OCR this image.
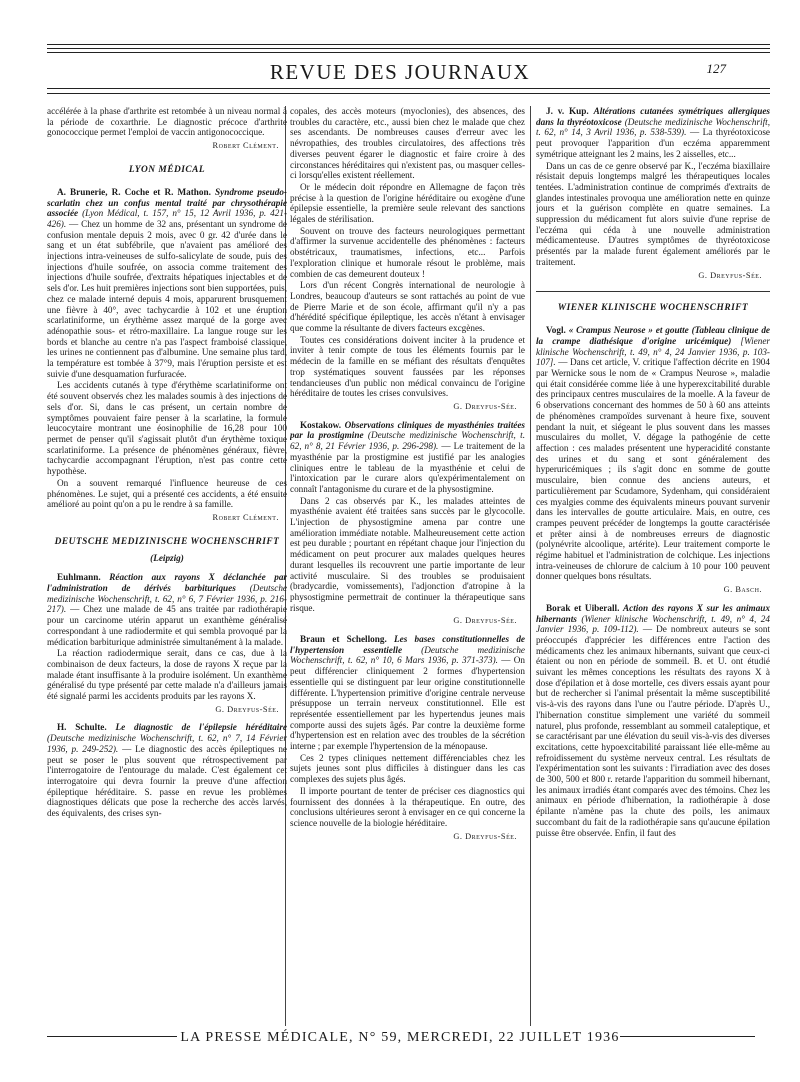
REVUE DES JOURNAUX	127

accélérée à la phase d'arthrite est retombée à un niveau normal à la période de coxarthrie. Le diagnostic précoce d'arthrite gonococcique permet l'emploi de vaccin antigonococcique.

Robert Clément.
LYON MÉDICAL

A. Brunerie, R. Coche et R. Mathon. Syndrome pseudo-scarlatin chez un confus mental traité par chrysothérapie associée (Lyon Médical, t. 157, n° 15, 12 Avril 1936, p. 421-426). — Chez un homme de 32 ans, présentant un syndrome de confusion mentale depuis 2 mois, avec 0 gr. 42 d'urée dans le sang et un état subfébrile, que n'avaient pas amélioré des injections intra-veineuses de sulfo-salicylate de soude, puis des injections d'huile soufrée, on associa comme traitement des injections d'huile soufrée, d'extraits hépatiques injectables et de sels d'or. Les huit premières injections sont bien supportées, puis, chez ce malade interné depuis 4 mois, apparurent brusquement une fièvre à 40°, avec tachycardie à 102 et une éruption scarlatiniforme, un érythème assez marqué de la gorge avec adénopathie sous- et rétro-maxillaire. La langue rouge sur les bords et blanche au centre n'a pas l'aspect framboisé classique, les urines ne contiennent pas d'albumine. Une semaine plus tard, la température est tombée à 37°9, mais l'éruption persiste et est suivie d'une desquamation furfuracée.

Les accidents cutanés à type d'érythème scarlatiniforme ont été souvent observés chez les malades soumis à des injections de sels d'or. Si, dans le cas présent, un certain nombre de symptômes pouvaient faire penser à la scarlatine, la formule leucocytaire montrant une éosinophilie de 16,28 pour 100 permet de penser qu'il s'agissait plutôt d'un érythème toxique scarlatiniforme. La présence de phénomènes généraux, fièvre, tachycardie accompagnant l'éruption, n'est pas contre cette hypothèse.

On a souvent remarqué l'influence heureuse de ces phénomènes. Le sujet, qui a présenté ces accidents, a été ensuite amélioré au point qu'on a pu le rendre à sa famille.

Robert Clément.
DEUTSCHE MEDIZINISCHE WOCHENSCHRIFT
(Leipzig)

Euhlmann. Réaction aux rayons X déclanchée par l'administration de dérivés barbituriques (Deutsche medizinische Wochenschrift, t. 62, n° 6, 7 Février 1936, p. 216-217). — Chez une malade de 45 ans traitée par radiothérapie pour un carcinome utérin apparut un exanthème généralisé correspondant à une radiodermite et qui sembla provoqué par la médication barbiturique administrée simultanément à la malade.

La réaction radiodermique serait, dans ce cas, due à la combinaison de deux facteurs, la dose de rayons X reçue par la malade étant insuffisante à la produire isolément. Un exanthème généralisé du type présenté par cette malade n'a d'ailleurs jamais été signalé parmi les accidents produits par les rayons X.

G. Dreyfus-Sée.

H. Schulte. Le diagnostic de l'épilepsie héréditaire (Deutsche medizinische Wochenschrift, t. 62, n° 7, 14 Février 1936, p. 249-252). — Le diagnostic des accès épileptiques ne peut se poser le plus souvent que rétrospectivement par l'interrogatoire de l'entourage du malade. C'est également cet interrogatoire qui devra fournir la preuve d'une affection épileptique héréditaire. S. passe en revue les problèmes diagnostiques délicats que pose la recherche des accès larvés, des équivalents, des crises syn-

copales, des accès moteurs (myoclonies), des absences, des troubles du caractère, etc., aussi bien chez le malade que chez ses ascendants. De nombreuses causes d'erreur avec les névropathies, des troubles circulatoires, des affections très diverses peuvent égarer le diagnostic et faire croire à des circonstances héréditaires qui n'existent pas, ou masquer celles-ci lorsqu'elles existent réellement.

Or le médecin doit répondre en Allemagne de façon très précise à la question de l'origine héréditaire ou exogène d'une épilepsie essentielle, la première seule relevant des sanctions légales de stérilisation.

Souvent on trouve des facteurs neurologiques permettant d'affirmer la survenue accidentelle des phénomènes : facteurs obstétricaux, traumatismes, infections, etc... Parfois l'exploration clinique et humorale résout le problème, mais combien de cas demeurent douteux !

Lors d'un récent Congrès international de neurologie à Londres, beaucoup d'auteurs se sont rattachés au point de vue de Pierre Marie et de son école, affirmant qu'il n'y a pas d'hérédité spécifique épileptique, les accès n'étant à envisager que comme la résultante de divers facteurs excgènes.

Toutes ces considérations doivent inciter à la prudence et inviter à tenir compte de tous les éléments fournis par le médecin de la famille en se méfiant des résultats d'enquêtes trop systématiques souvent faussées par les réponses tendancieuses d'un public non médical convaincu de l'origine héréditaire de toutes les crises convulsives.

G. Dreyfus-Sée.

Kostakow. Observations cliniques de myasthénies traitées par la prostigmine (Deutsche medizinische Wochenschrift, t. 62, n° 8, 21 Février 1936, p. 296-298). — Le traitement de la myasthénie par la prostigmine est justifié par les analogies cliniques entre le tableau de la myasthénie et celui de l'intoxication par le curare alors qu'expérimentalement on connaît l'antagonisme du curare et de la physostigmine.

Dans 2 cas observés par K., les malades atteintes de myasthénie avaient été traitées sans succès par le glycocolle. L'injection de physostigmine amena par contre une amélioration immédiate notable. Malheureusement cette action est peu durable ; pourtant en répétant chaque jour l'injection du médicament on peut procurer aux malades quelques heures durant lesquelles ils recouvrent une partie importante de leur activité musculaire. Si des troubles se produisaient (bradycardie, vomissements), l'adjonction d'atropine à la physostigmine permettrait de continuer la thérapeutique sans risque.

G. Dreyfus-Sée.

Braun et Schellong. Les bases constitutionnelles de l'hypertension essentielle (Deutsche medizinische Wochenschrift, t. 62, n° 10, 6 Mars 1936, p. 371-373). — On peut différencier cliniquement 2 formes d'hypertension essentielle qui se distinguent par leur origine constitutionnelle différente. L'hypertension primitive d'origine centrale nerveuse présuppose un terrain nerveux constitutionnel. Elle est représentée essentiellement par les hypertendus jeunes mais comporte aussi des sujets âgés. Par contre la deuxième forme d'hypertension est en relation avec des troubles de la sécrétion interne ; par exemple l'hypertension de la ménopause.

Ces 2 types cliniques nettement différenciables chez les sujets jeunes sont plus difficiles à distinguer dans les cas complexes des sujets plus âgés.

Il importe pourtant de tenter de préciser ces diagnostics qui fournissent des données à la thérapeutique. En outre, des conclusions ultérieures seront à envisager en ce qui concerne la science nouvelle de la biologie héréditaire.

G. Dreyfus-Sée.

J. v. Kup. Altérations cutanées symétriques allergiques dans la thyréotoxicose (Deutsche medizinische Wochenschrift, t. 62, n° 14, 3 Avril 1936, p. 538-539). — La thyréotoxicose peut provoquer l'apparition d'un eczéma apparemment symétrique atteignant les 2 mains, les 2 aisselles, etc...

Dans un cas de ce genre observé par K., l'eczéma biaxillaire résistait depuis longtemps malgré les thérapeutiques locales tentées. L'administration continue de comprimés d'extraits de glandes intestinales provoqua une amélioration nette en quinze jours et la guérison complète en quatre semaines. La suppression du médicament fut alors suivie d'une reprise de l'eczéma qui céda à une nouvelle administration médicamenteuse. D'autres symptômes de thyréotoxicose présentés par la malade furent également améliorés par le traitement.

G. Dreyfus-Sée.
WIENER KLINISCHE WOCHENSCHRIFT

Vogl. « Crampus Neurose » et goutte (Tableau clinique de la crampe diathésique d'origine uricémique) [Wiener klinische Wochenschrift, t. 49, n° 4, 24 Janvier 1936, p. 103-107]. — Dans cet article, V. critique l'affection décrite en 1904 par Wernicke sous le nom de « Crampus Neurose », maladie qui était considérée comme liée à une hyperexcitabilité durable des principaux centres musculaires de la moelle. A la faveur de 6 observations concernant des hommes de 50 à 60 ans atteints de phénomènes crampoïdes survenant à heure fixe, souvent pendant la nuit, et siégeant le plus souvent dans les masses musculaires du mollet, V. dégage la pathogénie de cette affection : ces malades présentent une hyperacidité constante des urines et du sang et sont généralement des hyperuricémiques ; ils s'agit donc en somme de goutte musculaire, bien connue des anciens auteurs, et particulièrement par Scudamore, Sydenham, qui considéraient ces myalgies comme des équivalents mineurs pouvant survenir dans les intervalles de goutte articulaire. Mais, en outre, ces crampes peuvent précéder de longtemps la goutte caractérisée et prêter ainsi à de nombreuses erreurs de diagnostic (polynévrite alcoolique, artérite). Leur traitement comporte le régime habituel et l'administration de colchique. Les injections intra-veineuses de chlorure de calcium à 10 pour 100 peuvent donner quelques bons résultats.

G. Basch.

Borak et Uiberall. Action des rayons X sur les animaux hibernants (Wiener klinische Wochenschrift, t. 49, n° 4, 24 Janvier 1936, p. 109-112). — De nombreux auteurs se sont préoccupés d'apprécier les différences entre l'action des médicaments chez les animaux hibernants, suivant que ceux-ci étaient ou non en période de sommeil. B. et U. ont étudié suivant les mêmes conceptions les résultats des rayons X à dose d'épilation et à dose mortelle, ces divers essais ayant pour but de rechercher si l'animal présentait la même susceptibilité vis-à-vis des rayons dans l'une ou l'autre période. D'après U., l'hibernation constitue simplement une variété du sommeil naturel, plus profonde, ressemblant au sommeil cataleptique, et se caractérisant par une élévation du seuil vis-à-vis des diverses excitations, cette hypoexcitabilité paraissant liée elle-même au refroidissement du système nerveux central. Les résultats de l'expérimentation sont les suivants : l'irradiation avec des doses de 300, 500 et 800 r. retarde l'apparition du sommeil hibernant, les animaux irradiés étant comparés avec des témoins. Chez les animaux en période d'hibernation, la radiothérapie à dose épilante n'amène pas la chute des poils, les animaux succombant du fait de la radiothérapie sans qu'aucune épilation puisse être observée. Enfin, il faut des

LA PRESSE MÉDICALE, N° 59, MERCREDI, 22 JUILLET 1936
